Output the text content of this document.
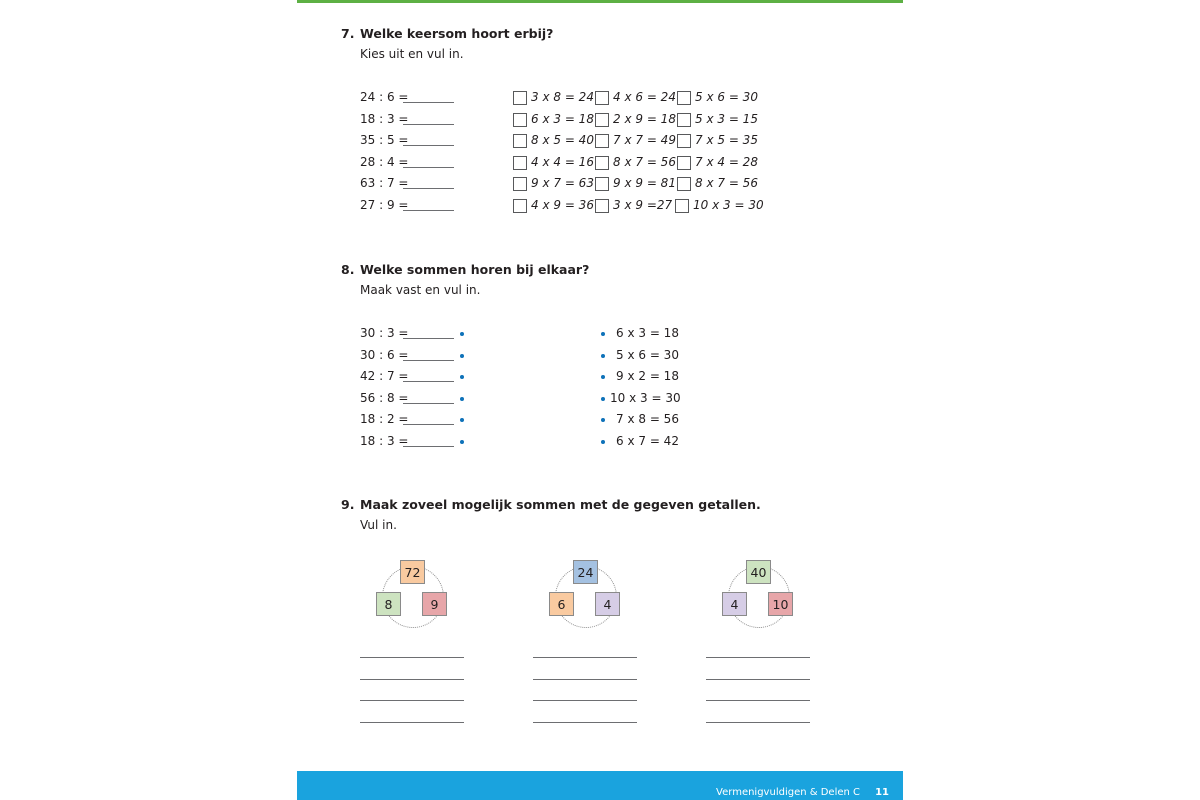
7. Welke keersom hoort erbij?
Kies uit en vul in.
24 : 6 =	3 x 8 = 24 4 x 6 = 24 5 x 6 = 30
18 : 3 =	6 x 3 = 18 2 x 9 = 18 5 x 3 = 15
35 : 5 =	8 x 5 = 40 7 x 7 = 49 7 x 5 = 35
28 : 4 =	4 x 4 = 16 8 x 7 = 56 7 x 4 = 28
63 : 7 =	9 x 7 = 63 9 x 9 = 81 8 x 7 = 56
27 : 9 =	4 x 9 = 36 3 x 9 =27 10 x 3 = 30
8. Welke sommen horen bij elkaar?
Maak vast en vul in.
30 : 3 =	6 x 3 = 18
30 : 6 =	5 x 6 = 30
42 : 7 =	9 x 2 = 18
56 : 8 =	10 x 3 = 30
18 : 2 =	7 x 8 = 56
18 : 3 =	6 x 7 = 42
9. Maak zoveel mogelijk sommen met de gegeven getallen.
Vul in.
72
8	9
24
6	4
40
4	10
Vermenigvuldigen & Delen C 11
